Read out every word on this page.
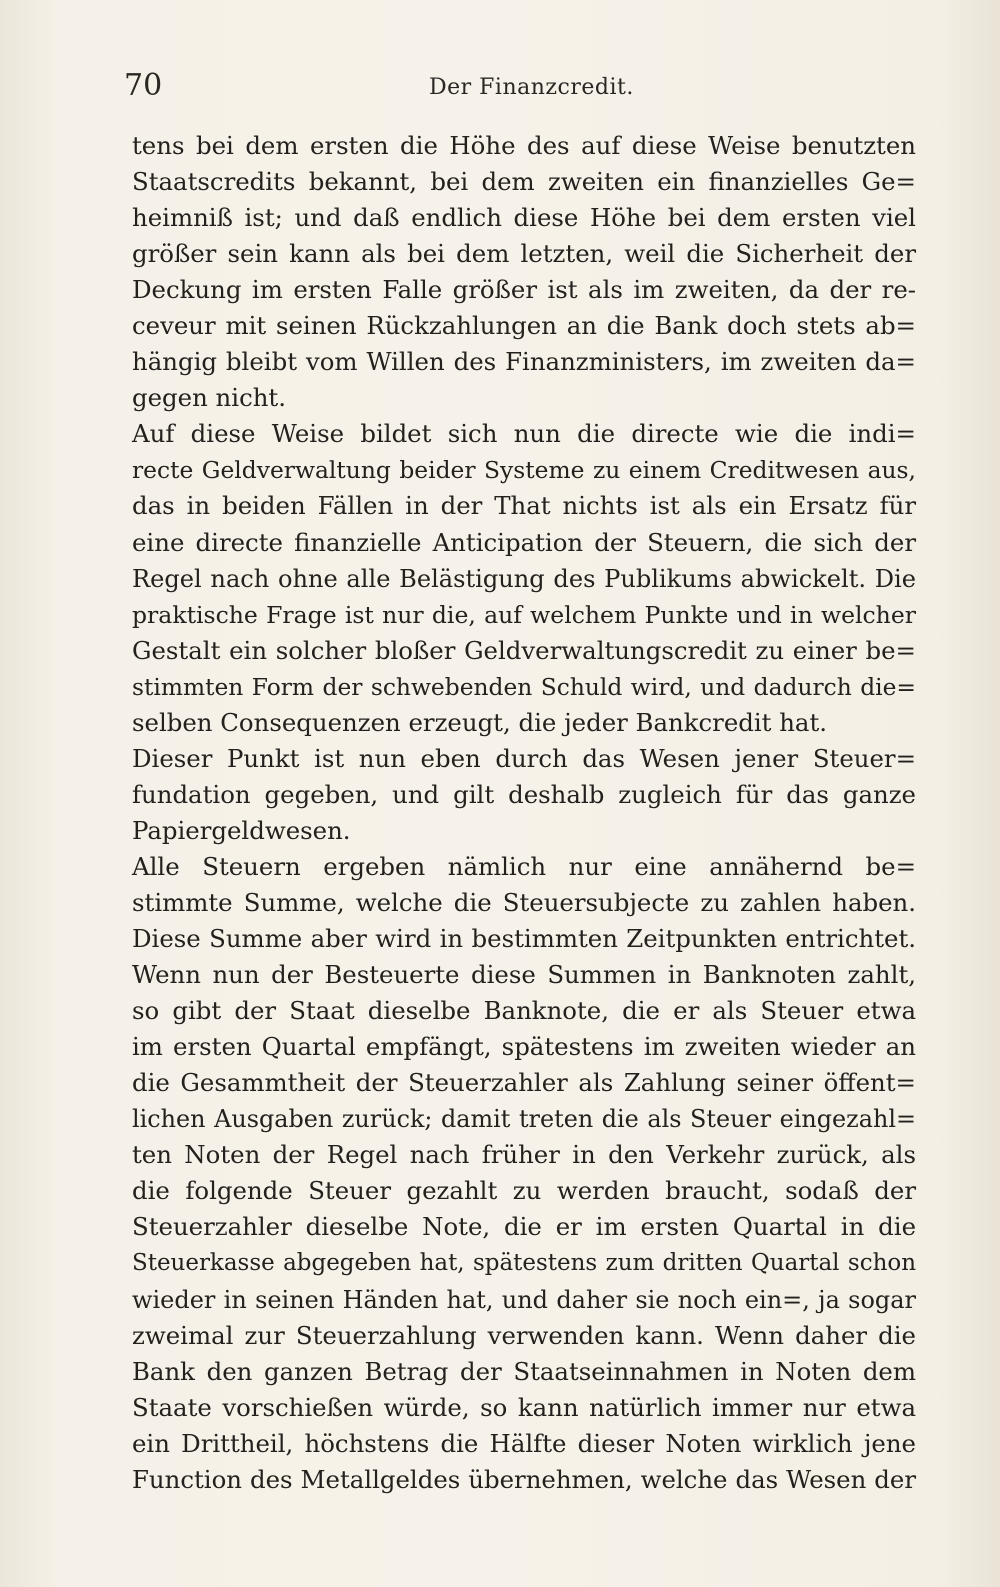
70	Der Finanzcredit.
tens bei dem ersten die Höhe des auf diese Weise benutzten
Staatscredits bekannt, bei dem zweiten ein finanzielles Ge=
heimniß ist; und daß endlich diese Höhe bei dem ersten viel
größer sein kann als bei dem letzten, weil die Sicherheit der
Deckung im ersten Falle größer ist als im zweiten, da der re-
ceveur mit seinen Rückzahlungen an die Bank doch stets ab=
hängig bleibt vom Willen des Finanzministers, im zweiten da=
gegen nicht.
Auf diese Weise bildet sich nun die directe wie die indi=
recte Geldverwaltung beider Systeme zu einem Creditwesen aus,
das in beiden Fällen in der That nichts ist als ein Ersatz für
eine directe finanzielle Anticipation der Steuern, die sich der
Regel nach ohne alle Belästigung des Publikums abwickelt. Die
praktische Frage ist nur die, auf welchem Punkte und in welcher
Gestalt ein solcher bloßer Geldverwaltungscredit zu einer be=
stimmten Form der schwebenden Schuld wird, und dadurch die=
selben Consequenzen erzeugt, die jeder Bankcredit hat.
Dieser Punkt ist nun eben durch das Wesen jener Steuer=
fundation gegeben, und gilt deshalb zugleich für das ganze
Papiergeldwesen.
Alle Steuern ergeben nämlich nur eine annähernd be=
stimmte Summe, welche die Steuersubjecte zu zahlen haben.
Diese Summe aber wird in bestimmten Zeitpunkten entrichtet.
Wenn nun der Besteuerte diese Summen in Banknoten zahlt,
so gibt der Staat dieselbe Banknote, die er als Steuer etwa
im ersten Quartal empfängt, spätestens im zweiten wieder an
die Gesammtheit der Steuerzahler als Zahlung seiner öffent=
lichen Ausgaben zurück; damit treten die als Steuer eingezahl=
ten Noten der Regel nach früher in den Verkehr zurück, als
die folgende Steuer gezahlt zu werden braucht, sodaß der
Steuerzahler dieselbe Note, die er im ersten Quartal in die
Steuerkasse abgegeben hat, spätestens zum dritten Quartal schon
wieder in seinen Händen hat, und daher sie noch ein=, ja sogar
zweimal zur Steuerzahlung verwenden kann. Wenn daher die
Bank den ganzen Betrag der Staatseinnahmen in Noten dem
Staate vorschießen würde, so kann natürlich immer nur etwa
ein Drittheil, höchstens die Hälfte dieser Noten wirklich jene
Function des Metallgeldes übernehmen, welche das Wesen der
